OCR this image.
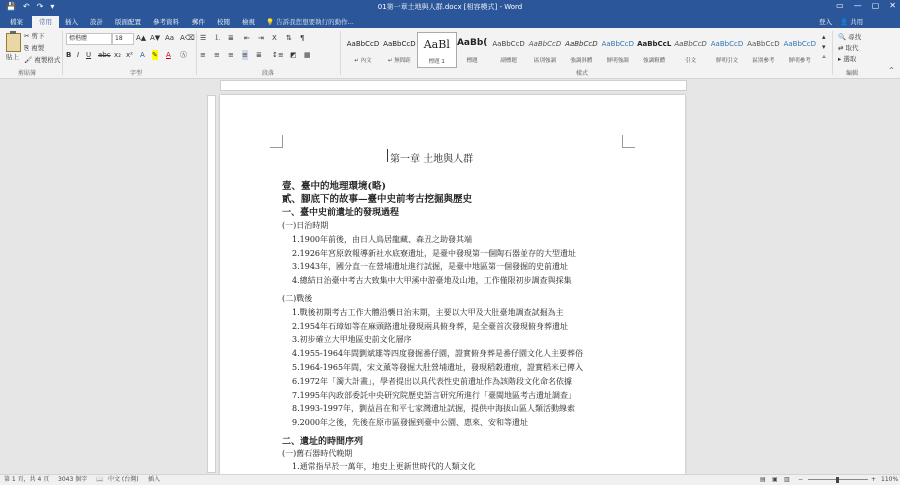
💾 ↶ ↷ ▾	01第一章土地與人群.docx [相容模式] - Word	▭ — ▢ ✕
檔案	常用	插入 設計 版面配置 參考資料 郵件 校閱 檢視 💡 告訴我您想要執行的動作...	登入 👤 共用
貼上
✂ 剪下
⎘ 複製
🖌 複製格式
剪貼簿
標楷體	18	A▲ A▼ Aa A⌫
B I U abc x₂ x² A ✎ A Ⓐ
字型
☰ ⒈ ≣ ⇤ ⇥ Ⅹ ⇅ ¶
≡ ≡ ≡ ≡ ≣ ↕≡ ◩ ▦
段落
AaBbCcD
↵ 內文
AaBbCcD
↵ 無間距
AaBl
標題 1
AaBb(
標題
AaBbCcD
副標題
AaBbCcD
區別強調
AaBbCcD
強調斜體
AaBbCcD
鮮明強調
AaBbCcL
強調粗體
AaBbCcD
引文
AaBbCcD
鮮明引文
AaBbCcD
區別參考
AaBbCcD
鮮明參考
▴
▾
⩡
樣式
🔍 尋找
⇄ 取代
▸ 選取
編輯	^
第一章 土地與人群
壹、臺中的地理環境(略)
貳、腳底下的故事—臺中史前考古挖掘與歷史
一、臺中史前遺址的發現過程
(一)日治時期
1.1900年前後，由日人鳥居龍藏、森丑之助發其端
2.1926年宮原敦報導新社水底寮遺址，是臺中發現第一個陶石器並存的大型遺址
3.1943年，國分直一在營埔遺址進行試掘，是臺中地區第一個發掘的史前遺址
4.總結日治臺中考古大致集中大甲溪中游臺地及山地，工作僅限初步調查與採集
(二)戰後
1.戰後初期考古工作大體沿襲日治末期，主要以大甲及大肚臺地調查試掘為主
2.1954年石璋如等在麻頭路遺址發現兩具俯身葬，是全臺首次發現俯身葬遺址
3.初步確立大甲地區史前文化層序
4.1955-1964年間劉斌雄等四度發掘番仔園，證實俯身葬是番仔園文化人主要葬俗
5.1964-1965年間，宋文薰等發掘大肚營埔遺址，發現稻穀遺痕，證實稻米已傳入
6.1972年「濁大計畫」，學者提出以具代表性史前遺址作為該階段文化命名依據
7.1995年內政部委託中央研究院歷史語言研究所進行「臺閩地區考古遺址調查」
8.1993-1997年，劉益昌在和平七家灣遺址試掘，提供中海拔山區人類活動線索
9.2000年之後，先後在原市區發掘到臺中公園、惠來、安和等遺址
二、遺址的時間序列
(一)舊石器時代晚期
1.通常指早於一萬年，地史上更新世時代的人類文化
第 1 頁，共 4 頁 3043 個字 📖 中文 (台灣) 插入	▤ ▣ ▥ −	+ 110%
